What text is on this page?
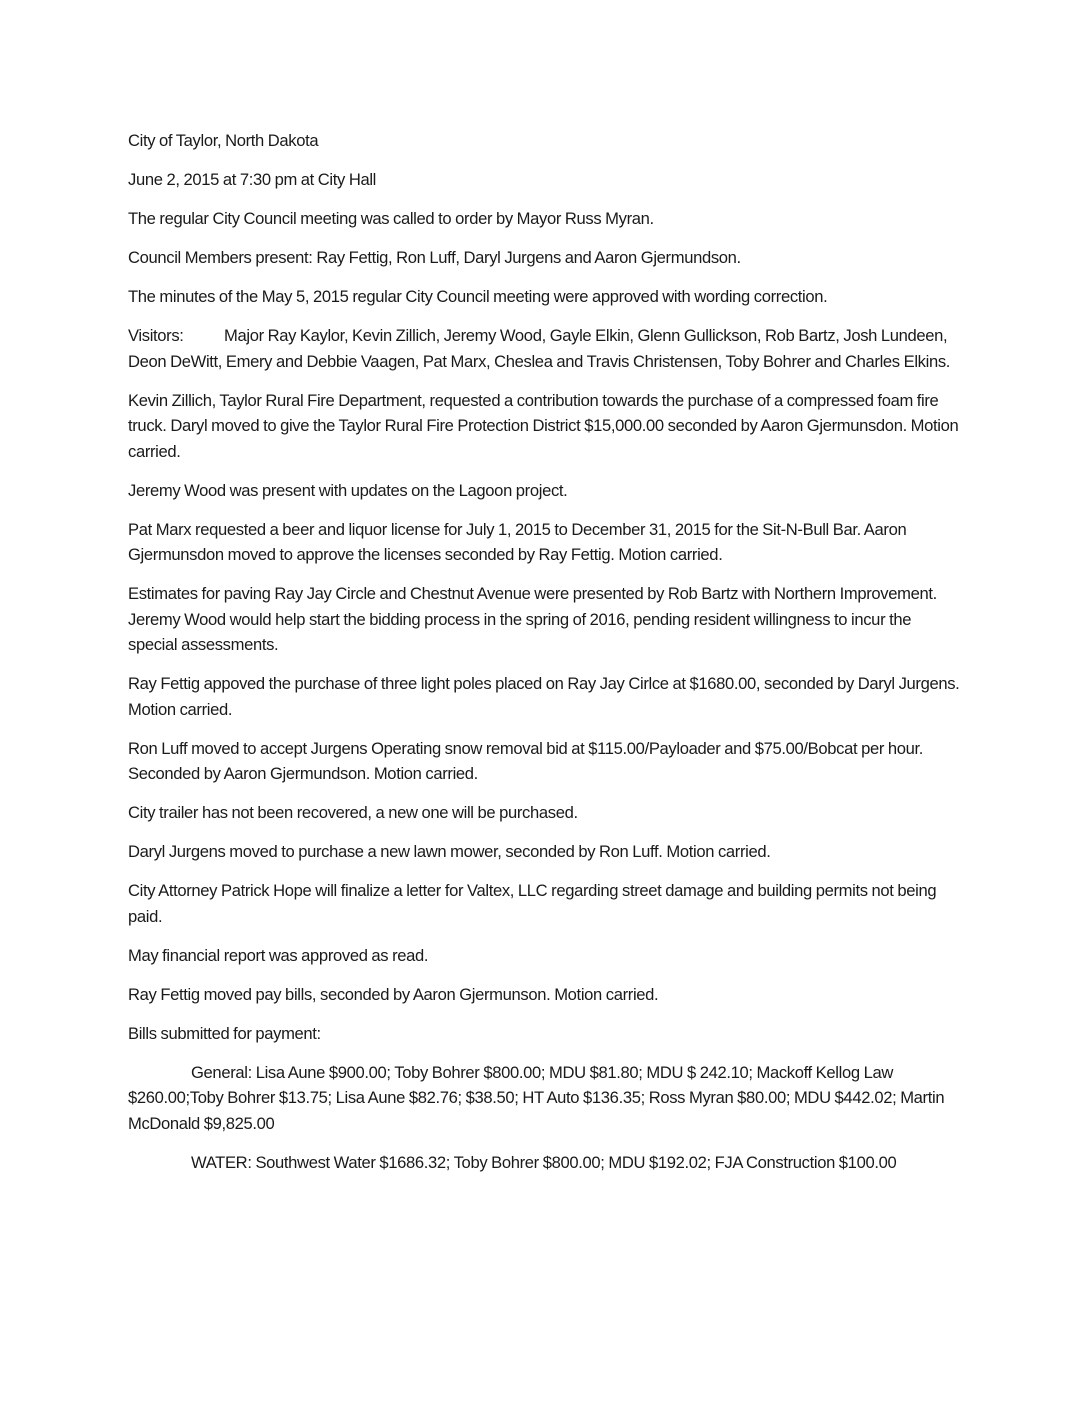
City of Taylor, North Dakota

June 2, 2015 at 7:30 pm at City Hall

The regular City Council meeting was called to order by Mayor Russ Myran.

Council Members present: Ray Fettig, Ron Luff, Daryl Jurgens and Aaron Gjermundson.

The minutes of the May 5, 2015 regular City Council meeting were approved with wording correction.

Visitors: Major Ray Kaylor, Kevin Zillich, Jeremy Wood, Gayle Elkin, Glenn Gullickson, Rob Bartz, Josh Lundeen, Deon DeWitt, Emery and Debbie Vaagen, Pat Marx, Cheslea and Travis Christensen, Toby Bohrer and Charles Elkins.

Kevin Zillich, Taylor Rural Fire Department, requested a contribution towards the purchase of a compressed foam fire truck. Daryl moved to give the Taylor Rural Fire Protection District $15,000.00 seconded by Aaron Gjermunsdon. Motion carried.

Jeremy Wood was present with updates on the Lagoon project.

Pat Marx requested a beer and liquor license for July 1, 2015 to December 31, 2015 for the Sit-N-Bull Bar. Aaron Gjermunsdon moved to approve the licenses seconded by Ray Fettig. Motion carried.

Estimates for paving Ray Jay Circle and Chestnut Avenue were presented by Rob Bartz with Northern Improvement. Jeremy Wood would help start the bidding process in the spring of 2016, pending resident willingness to incur the special assessments.

Ray Fettig appoved the purchase of three light poles placed on Ray Jay Cirlce at $1680.00, seconded by Daryl Jurgens. Motion carried.

Ron Luff moved to accept Jurgens Operating snow removal bid at $115.00/Payloader and $75.00/Bobcat per hour. Seconded by Aaron Gjermundson. Motion carried.

City trailer has not been recovered, a new one will be purchased.

Daryl Jurgens moved to purchase a new lawn mower, seconded by Ron Luff. Motion carried.

City Attorney Patrick Hope will finalize a letter for Valtex, LLC regarding street damage and building permits not being paid.

May financial report was approved as read.

Ray Fettig moved pay bills, seconded by Aaron Gjermunson. Motion carried.

Bills submitted for payment:

General: Lisa Aune $900.00; Toby Bohrer $800.00; MDU $81.80; MDU $ 242.10; Mackoff Kellog Law $260.00;Toby Bohrer $13.75; Lisa Aune $82.76; $38.50; HT Auto $136.35; Ross Myran $80.00; MDU $442.02; Martin McDonald $9,825.00

WATER: Southwest Water $1686.32; Toby Bohrer $800.00; MDU $192.02; FJA Construction $100.00
